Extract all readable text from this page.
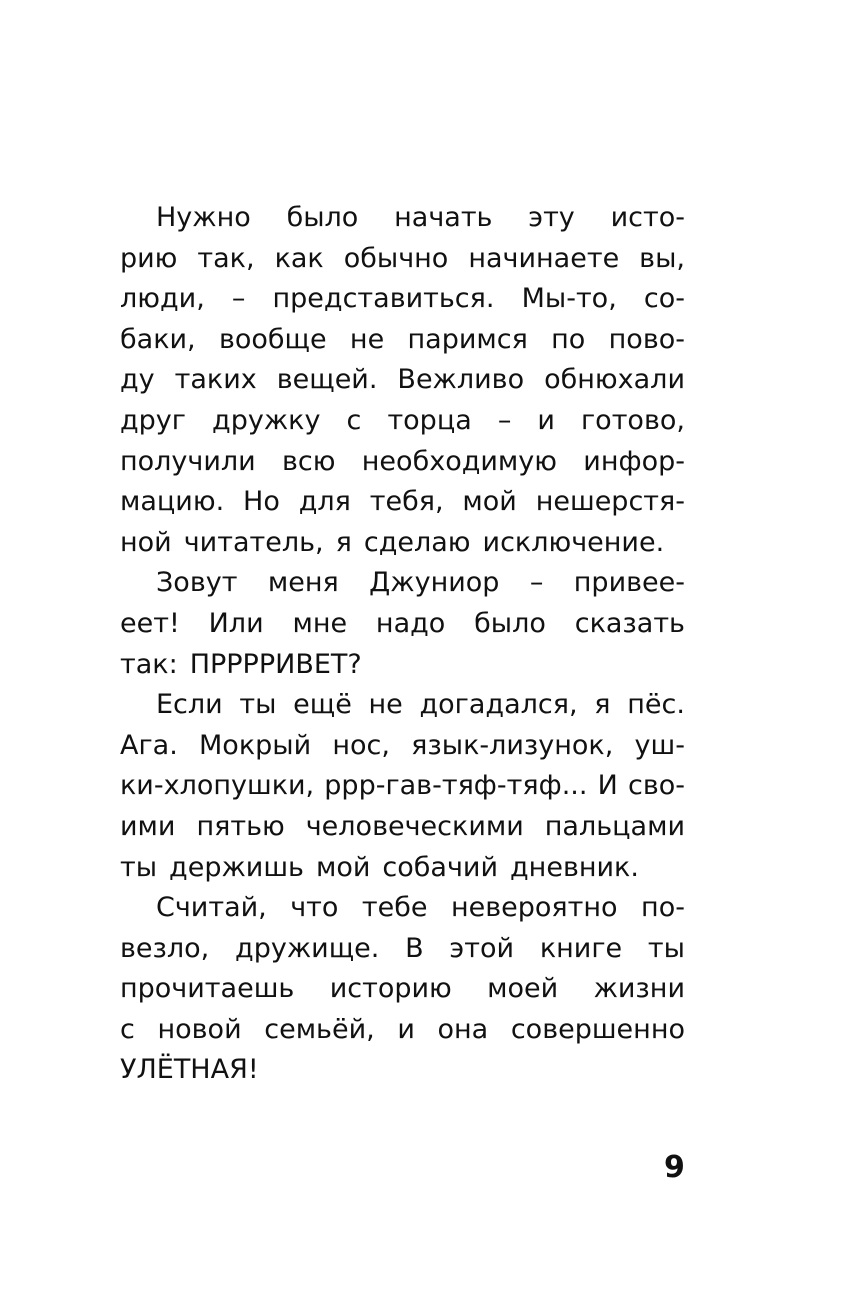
Нужно было начать эту исто-
рию так, как обычно начинаете вы,
люди, – представиться. Мы-то, со-
баки, вообще не паримся по пово-
ду таких вещей. Вежливо обнюхали
друг дружку с торца – и готово,
получили всю необходимую инфор-
мацию. Но для тебя, мой нешерстя-
ной читатель, я сделаю исключение.
Зовут меня Джуниор – привее-
еет! Или мне надо было сказать
так: ПРРРРИВЕТ?
Если ты ещё не догадался, я пёс.
Ага. Мокрый нос, язык-лизунок, уш-
ки-хлопушки, ррр-гав-тяф-тяф... И сво-
ими пятью человеческими пальцами
ты держишь мой собачий дневник.
Считай, что тебе невероятно по-
везло, дружище. В этой книге ты
прочитаешь историю моей жизни
с новой семьёй, и она совершенно
УЛЁТНАЯ!
9
